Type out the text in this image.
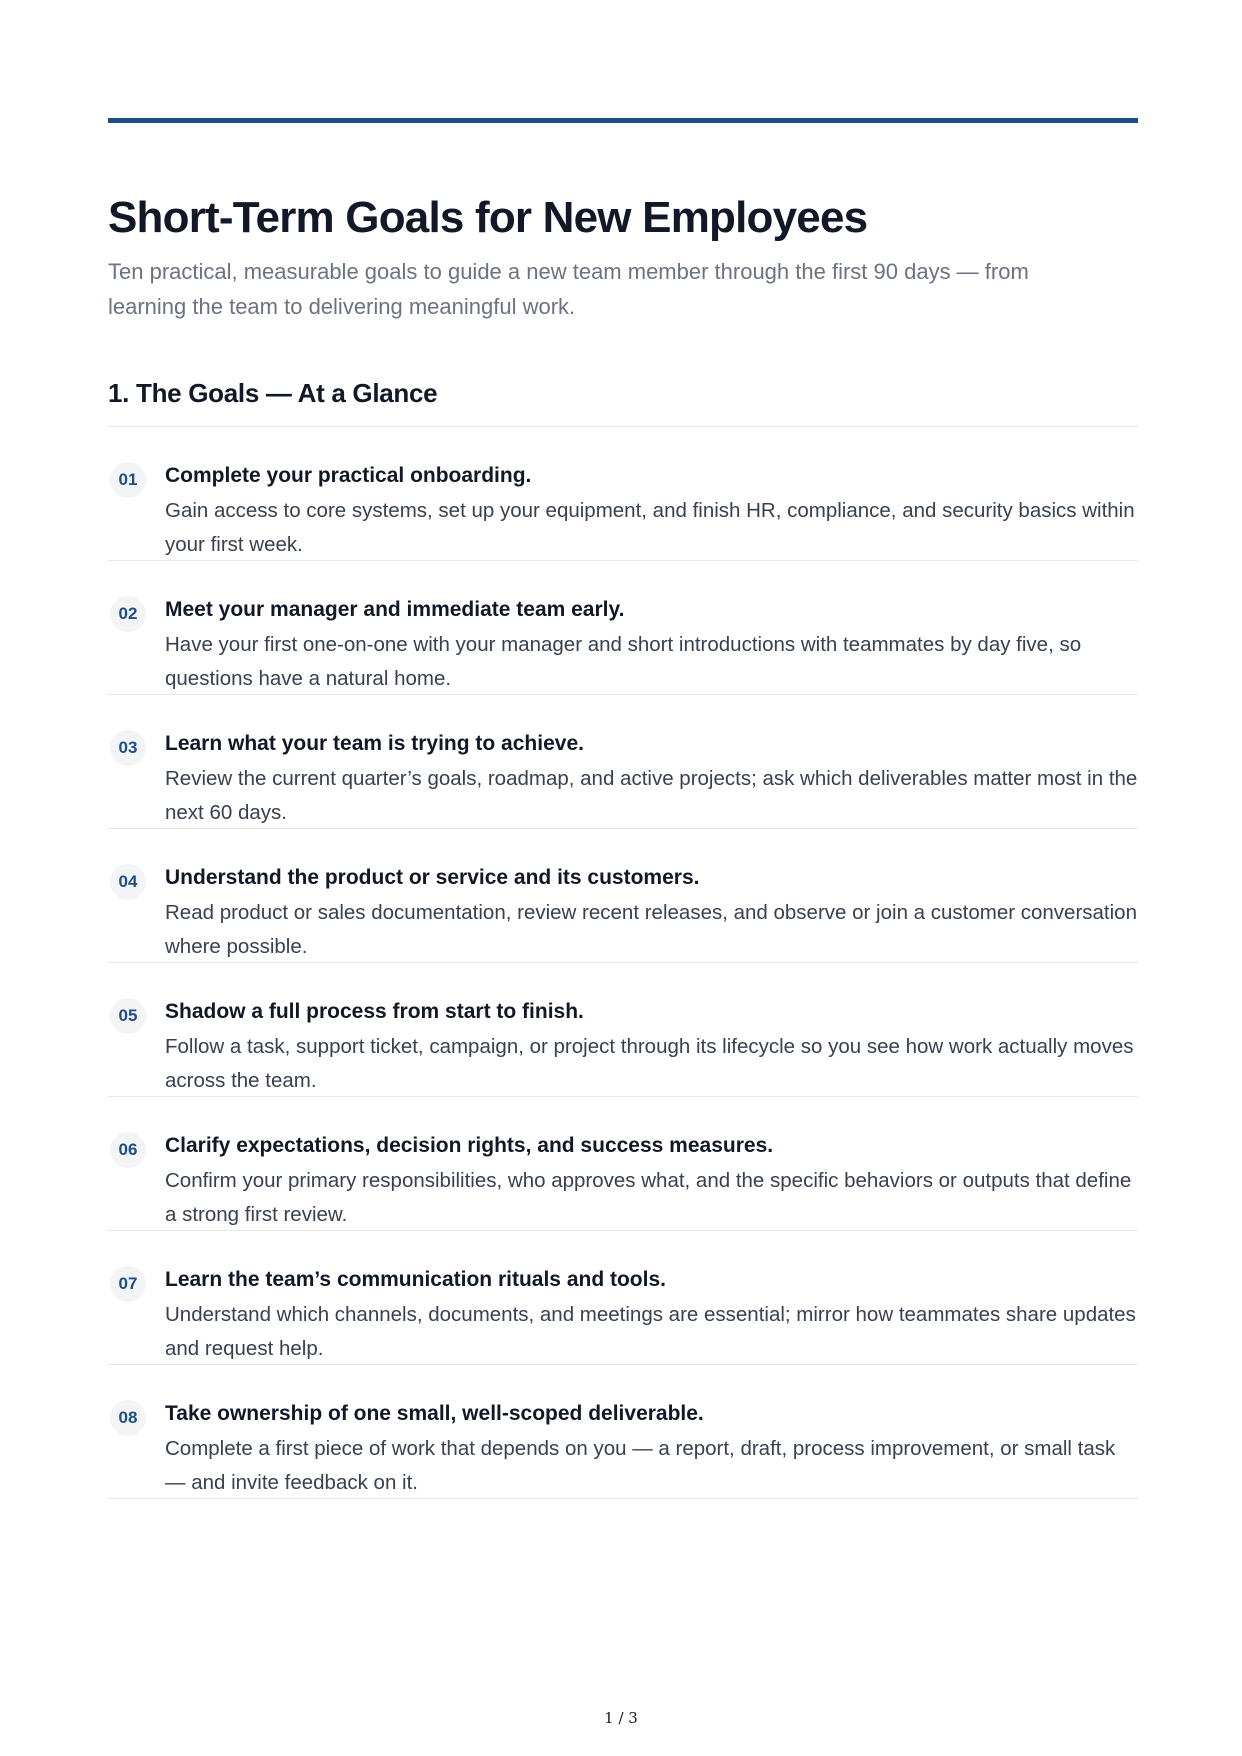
Short-Term Goals for New Employees

Ten practical, measurable goals to guide a new team member through the first 90 days — from learning the team to delivering meaningful work.

1. The Goals — At a Glance
01	Complete your practical onboarding.

Gain access to core systems, set up your equipment, and finish HR, compliance, and security basics within your first week.

02	Meet your manager and immediate team early.

Have your first one-on-one with your manager and short introductions with teammates by day five, so questions have a natural home.

03	Learn what your team is trying to achieve.

Review the current quarter’s goals, roadmap, and active projects; ask which deliverables matter most in the next 60 days.

04	Understand the product or service and its customers.

Read product or sales documentation, review recent releases, and observe or join a customer conversation where possible.

05	Shadow a full process from start to finish.

Follow a task, support ticket, campaign, or project through its lifecycle so you see how work actually moves across the team.

06	Clarify expectations, decision rights, and success measures.

Confirm your primary responsibilities, who approves what, and the specific behaviors or outputs that define a strong first review.

07	Learn the team’s communication rituals and tools.

Understand which channels, documents, and meetings are essential; mirror how teammates share updates and request help.

08	Take ownership of one small, well-scoped deliverable.

Complete a first piece of work that depends on you — a report, draft, process improvement, or small task — and invite feedback on it.

1 / 3
